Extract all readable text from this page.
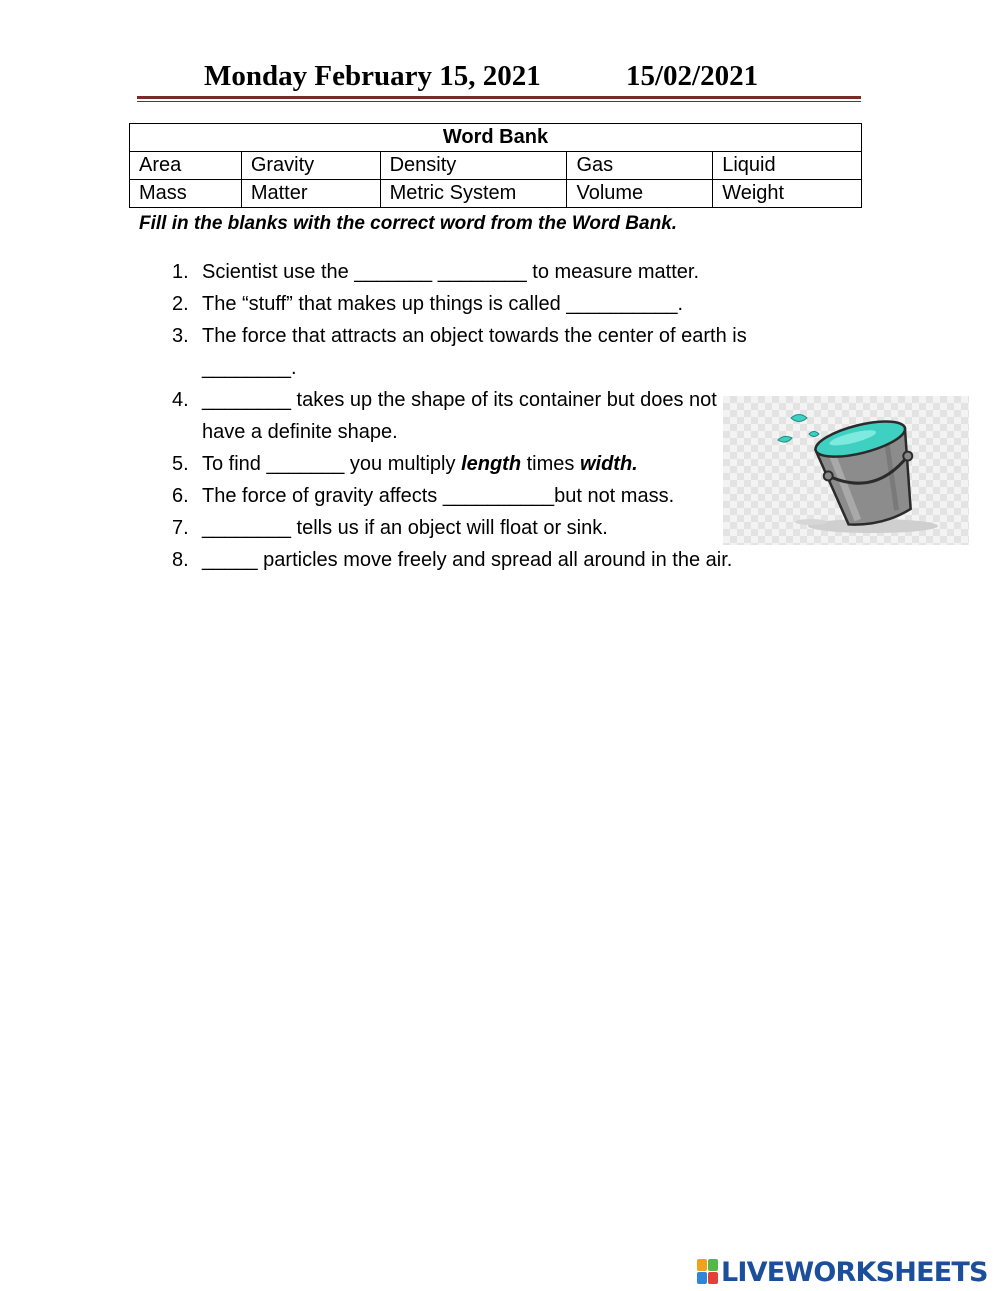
Monday February 15, 2021	15/02/2021
Word Bank				
Area	Gravity	Density	Gas	Liquid
Mass	Matter	Metric System	Volume	Weight
Fill in the blanks with the correct word from the Word Bank.
1. Scientist use the _______ ________ to measure matter.
2. The “stuff” that makes up things is called __________.
3. The force that attracts an object towards the center of earth is ________.
4. ________ takes up the shape of its container but does not have a definite shape.
5. To find _______ you multiply length times width.
6. The force of gravity affects __________but not mass.
7. ________ tells us if an object will float or sink.
8. _____ particles move freely and spread all around in the air.
LIVEWORKSHEETS
